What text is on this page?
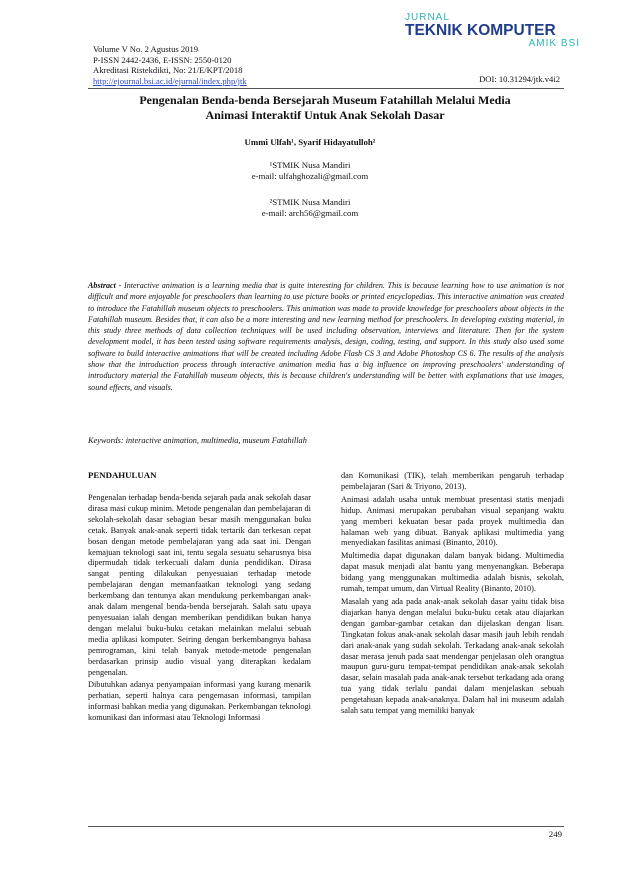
Volume V No. 2 Agustus 2019
P-ISSN 2442-2436, E-ISSN: 2550-0120
Akreditasi Ristekdikti, No: 21/E/KPT/2018
http://ejournal.bsi.ac.id/ejurnal/index.php/jtk
JURNAL
TEKNIK KOMPUTER
AMIK BSI
DOI: 10.31294/jtk.v4i2
Pengenalan Benda-benda Bersejarah Museum Fatahillah Melalui Media
Animasi Interaktif Untuk Anak Sekolah Dasar
Ummi Ulfah¹, Syarif Hidayatulloh²
¹STMIK Nusa Mandiri
e-mail: ulfahghozali@gmail.com
²STMIK Nusa Mandiri
e-mail: arch56@gmail.com
Abstract - Interactive animation is a learning media that is quite interesting for children. This is because learning how to use animation is not difficult and more enjoyable for preschoolers than learning to use picture books or printed encyclopedias. This interactive animation was created to introduce the Fatahillah museum objects to preschoolers. This animation was made to provide knowledge for preschoolers about objects in the Fatahillah museum. Besides that, it can also be a more interesting and new learning method for preschoolers. In developing existing material, in this study three methods of data collection techniques will be used including observation, interviews and literature. Then for the system development model, it has been tested using software requirements analysis, design, coding, testing, and support. In this study also used some software to build interactive animations that will be created including Adobe Flash CS 3 and Adobe Photoshop CS 6. The results of the analysis show that the introduction process through interactive animation media has a big influence on improving preschoolers' understanding of introductory material the Fatahillah museum objects, this is because children's understanding will be better with explanations that use images, sound effects, and visuals.
Keywords: interactive animation, multimedia, museum Fatahillah
PENDAHULUAN

Pengenalan terhadap benda-benda sejarah pada anak sekolah dasar dirasa masi cukup minim. Metode pengenalan dan pembelajaran di sekolah-sekolah dasar sebagian besar masih menggunakan buku cetak. Banyak anak-anak seperti tidak tertarik dan terkesan cepat bosan dengan metode pembelajaran yang ada saat ini. Dengan kemajuan teknologi saat ini, tentu segala sesuatu seharusnya bisa dipermudah tidak terkecuali dalam dunia pendidikan. Dirasa sangat penting dilakukan penyesuaian terhadap metode pembelajaran dengan memanfaatkan teknologi yang sedang berkembang dan tentunya akan mendukung perkembangan anak-anak dalam mengenal benda-benda bersejarah. Salah satu upaya penyesuaian ialah dengan memberikan pendidikan bukan hanya dengan melalui buku-buku cetakan melainkan melalui sebuah media aplikasi komputer. Seiring dengan berkembangnya bahasa pemrograman, kini telah banyak metode-metode pengenalan berdasarkan prinsip audio visual yang diterapkan kedalam pengenalan.

Dibutuhkan adanya penyampaian informasi yang kurang menarik perhatian, seperti halnya cara pengemasan informasi, tampilan informasi bahkan media yang digunakan. Perkembangan teknologi komunikasi dan informasi atau Teknologi Informasi

dan Komunikasi (TIK), telah memberikan pengaruh terhadap pembelajaran (Sari & Triyono, 2013).

Animasi adalah usaha untuk membuat presentasi statis menjadi hidup. Animasi merupakan perubahan visual sepanjang waktu yang memberi kekuatan besar pada proyek multimedia dan halaman web yang dibuat. Banyak aplikasi multimedia yang menyediakan fasilitas animasi (Binanto, 2010).

Multimedia dapat digunakan dalam banyak bidang. Multimedia dapat masuk menjadi alat bantu yang menyenangkan. Beberapa bidang yang menggunakan multimedia adalah bisnis, sekolah, rumah, tempat umum, dan Virtual Reality (Binanto, 2010).

Masalah yang ada pada anak-anak sekolah dasar yaitu tidak bisa diajarkan hanya dengan melalui buku-buku cetak atau diajarkan dengan gambar-gambar cetakan dan dijelaskan dengan lisan. Tingkatan fokus anak-anak sekolah dasar masih jauh lebih rendah dari anak-anak yang sudah sekolah. Terkadang anak-anak sekolah dasar merasa jenuh pada saat mendengar penjelasan oleh orangtua maupun guru-guru tempat-tempat pendidikan anak-anak sekolah dasar, selain masalah pada anak-anak tersebut terkadang ada orang tua yang tidak terlalu pandai dalam menjelaskan sebuah pengetahuan kepada anak-anaknya. Dalam hal ini museum adalah salah satu tempat yang memiliki banyak

249
